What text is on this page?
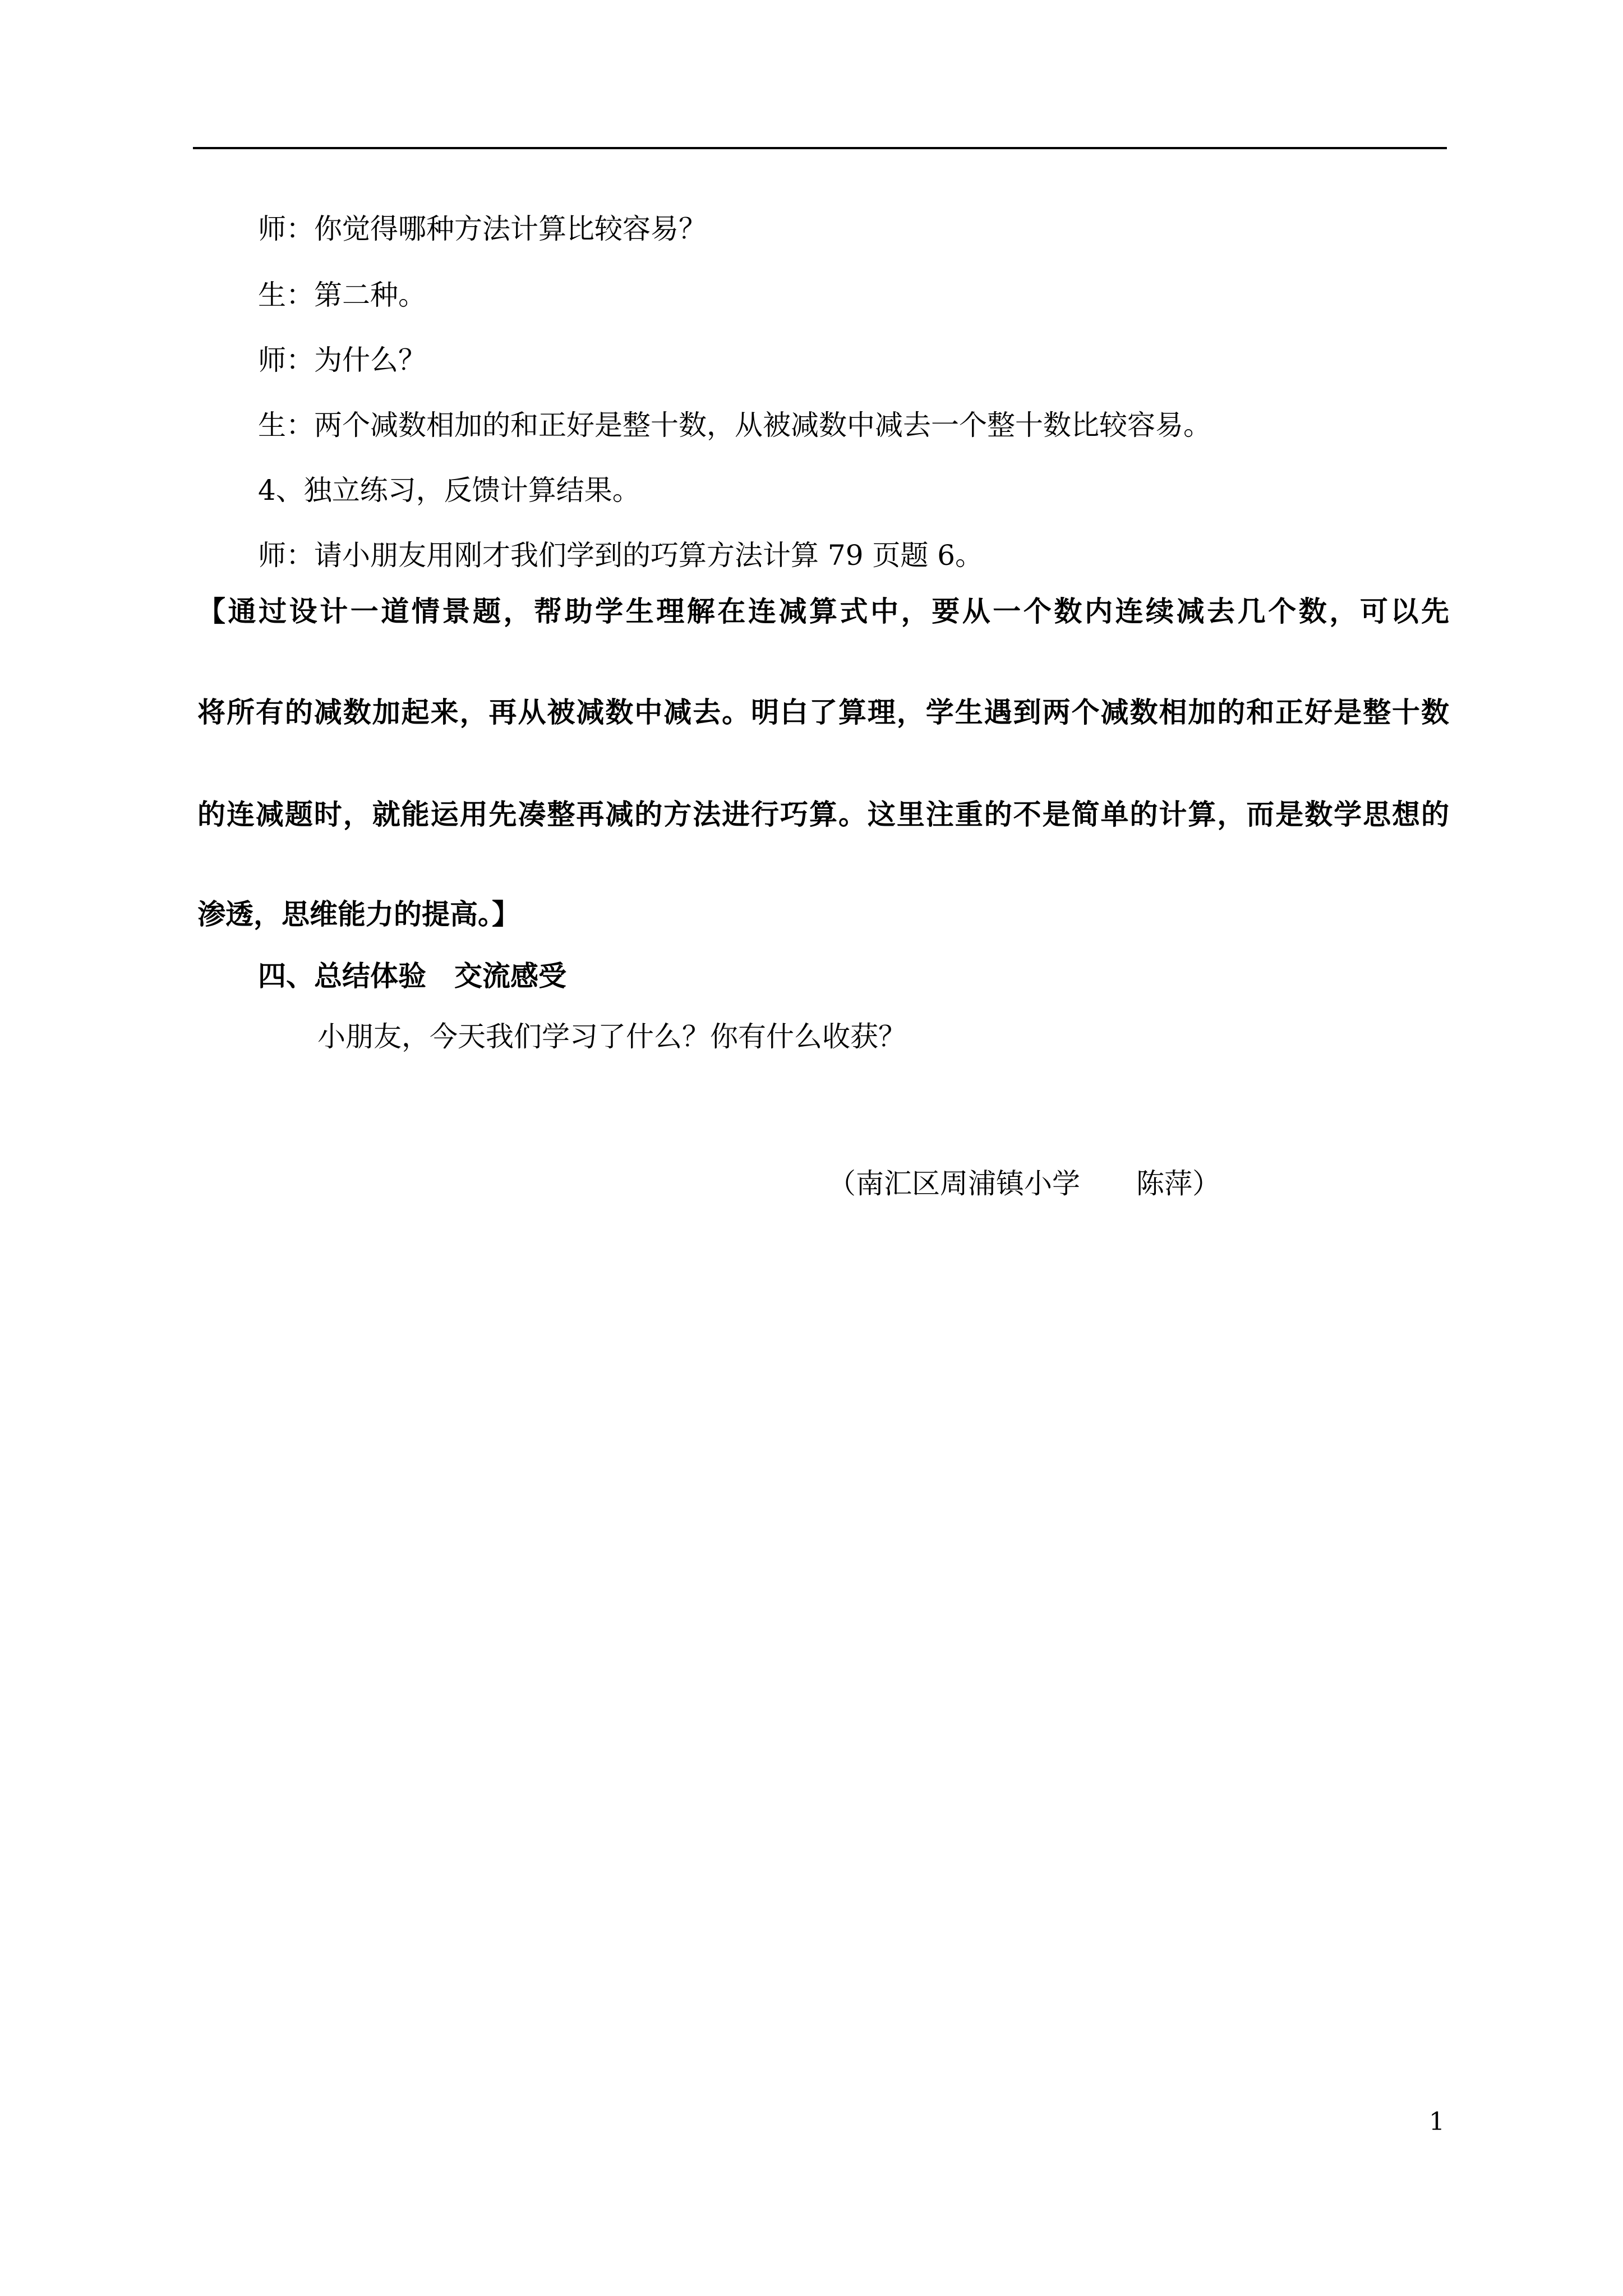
师：你觉得哪种方法计算比较容易？
生：第二种。
师：为什么？
生：两个减数相加的和正好是整十数，从被减数中减去一个整十数比较容易。
4、独立练习，反馈计算结果。
师：请小朋友用刚才我们学到的巧算方法计算 79 页题 6。
【通过设计一道情景题，帮助学生理解在连减算式中，要从一个数内连续减去几个数，可以先
将所有的减数加起来，再从被减数中减去。明白了算理，学生遇到两个减数相加的和正好是整十数
的连减题时，就能运用先凑整再减的方法进行巧算。这里注重的不是简单的计算，而是数学思想的
渗透，思维能力的提高。】
四、总结体验　交流感受
小朋友，今天我们学习了什么？你有什么收获？
（南汇区周浦镇小学　　陈萍）
1
